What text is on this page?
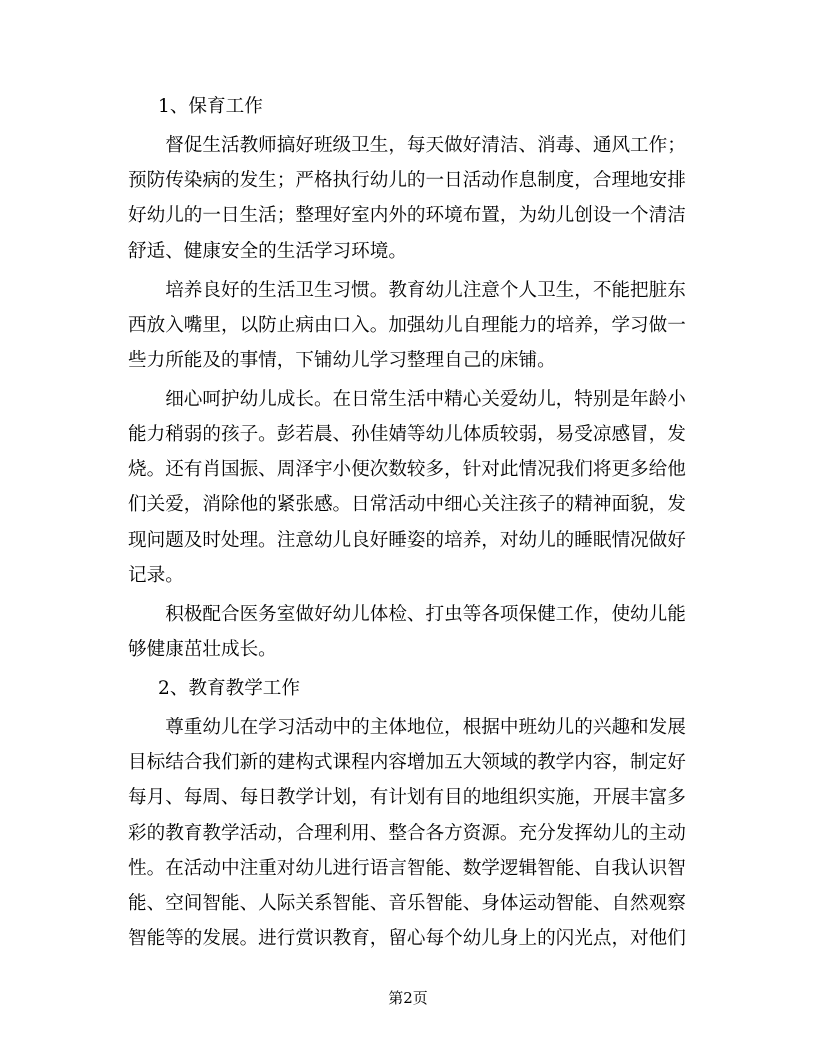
1、保育工作
督促生活教师搞好班级卫生，每天做好清洁、消毒、通风工作；
预防传染病的发生；严格执行幼儿的一日活动作息制度，合理地安排
好幼儿的一日生活；整理好室内外的环境布置，为幼儿创设一个清洁
舒适、健康安全的生活学习环境。
培养良好的生活卫生习惯。教育幼儿注意个人卫生，不能把脏东
西放入嘴里，以防止病由口入。加强幼儿自理能力的培养，学习做一
些力所能及的事情，下铺幼儿学习整理自己的床铺。
细心呵护幼儿成长。在日常生活中精心关爱幼儿，特别是年龄小
能力稍弱的孩子。彭若晨、孙佳婧等幼儿体质较弱，易受凉感冒，发
烧。还有肖国振、周泽宇小便次数较多，针对此情况我们将更多给他
们关爱，消除他的紧张感。日常活动中细心关注孩子的精神面貌，发
现问题及时处理。注意幼儿良好睡姿的培养，对幼儿的睡眠情况做好
记录。
积极配合医务室做好幼儿体检、打虫等各项保健工作，使幼儿能
够健康茁壮成长。
2、教育教学工作
尊重幼儿在学习活动中的主体地位，根据中班幼儿的兴趣和发展
目标结合我们新的建构式课程内容增加五大领域的教学内容，制定好
每月、每周、每日教学计划，有计划有目的地组织实施，开展丰富多
彩的教育教学活动，合理利用、整合各方资源。充分发挥幼儿的主动
性。在活动中注重对幼儿进行语言智能、数学逻辑智能、自我认识智
能、空间智能、人际关系智能、音乐智能、身体运动智能、自然观察
智能等的发展。进行赏识教育，留心每个幼儿身上的闪光点，对他们
第2页
